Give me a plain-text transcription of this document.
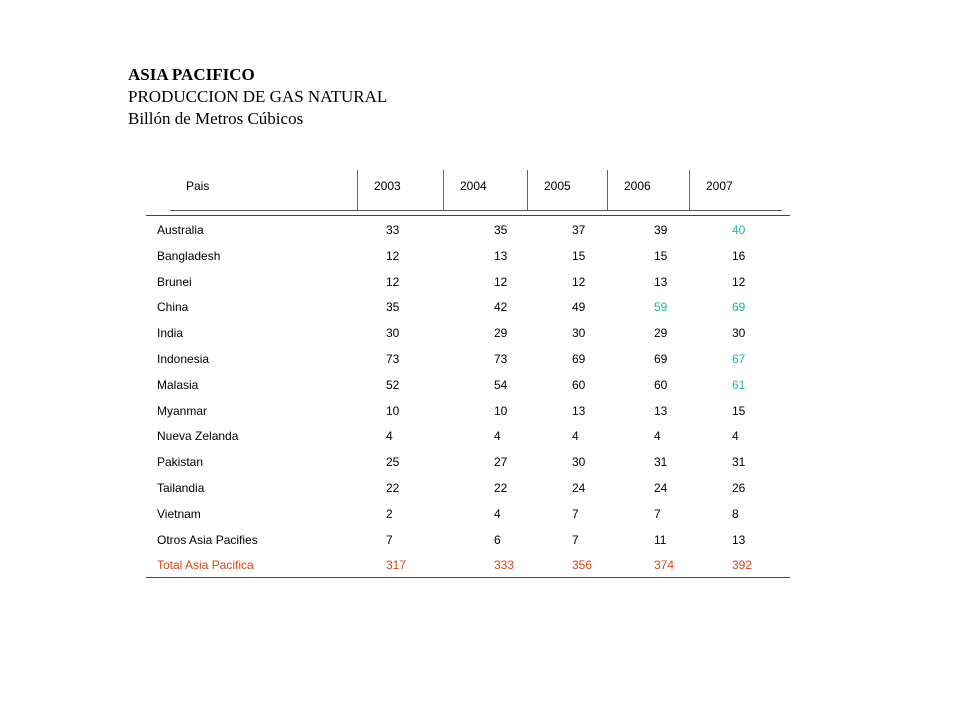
ASIA PACIFICO
PRODUCCION DE GAS NATURAL
Billón de Metros Cúbicos
Pais	2003	2004	2005	2006	2007
Australia	33	35	37	39	40
Bangladesh	12	13	15	15	16
Brunei	12	12	12	13	12
China	35	42	49	59	69
India	30	29	30	29	30
Indonesia	73	73	69	69	67
Malasia	52	54	60	60	61
Myanmar	10	10	13	13	15
Nueva Zelanda	4	4	4	4	4
Pakistan	25	27	30	31	31
Tailandia	22	22	24	24	26
Vietnam	2	4	7	7	8
Otros Asia Pacifies	7	6	7	11	13
Total Asia Pacifica	317	333	356	374	392
